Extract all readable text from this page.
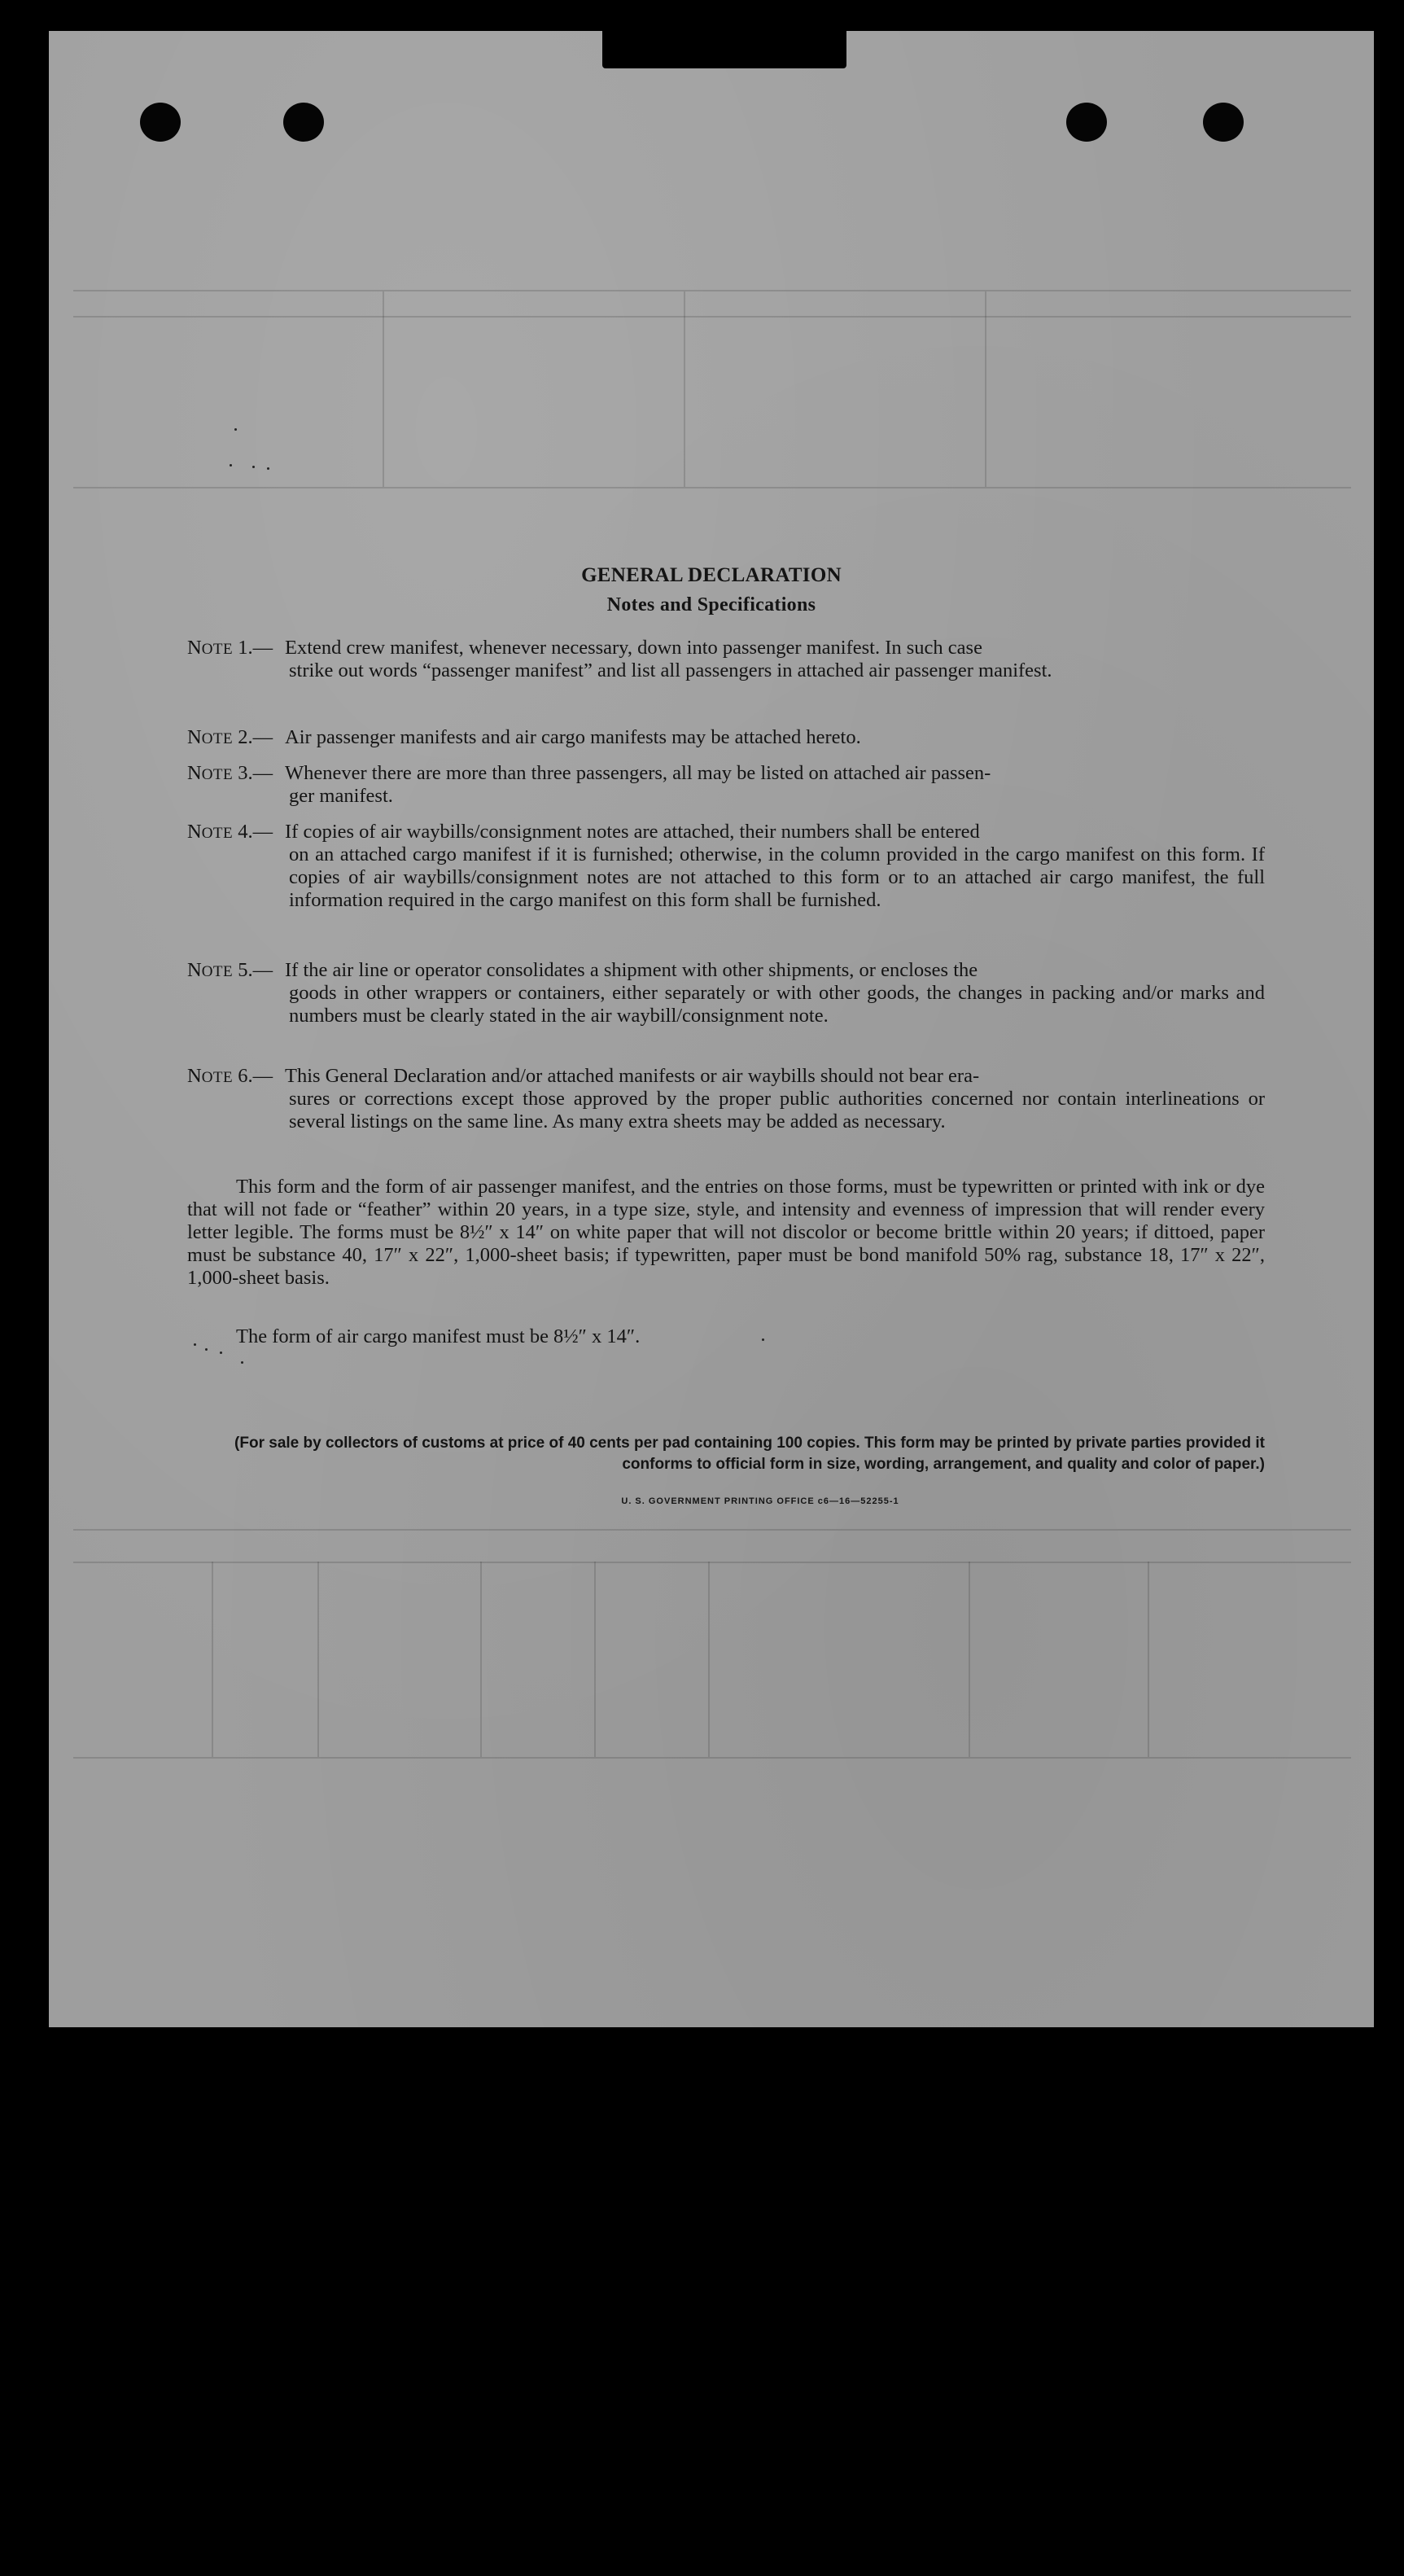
GENERAL DECLARATION
Notes and Specifications
NOTE 1.— Extend crew manifest, whenever necessary, down into passenger manifest. In such case
strike out words “passenger manifest” and list all passengers in attached air passenger manifest.
NOTE 2.— Air passenger manifests and air cargo manifests may be attached hereto.
NOTE 3.— Whenever there are more than three passengers, all may be listed on attached air passen-
ger manifest.
NOTE 4.— If copies of air waybills/consignment notes are attached, their numbers shall be entered
on an attached cargo manifest if it is furnished; otherwise, in the column provided in the cargo manifest on this form. If copies of air waybills/consignment notes are not attached to this form or to an attached air cargo manifest, the full information required in the cargo manifest on this form shall be furnished.
NOTE 5.— If the air line or operator consolidates a shipment with other shipments, or encloses the
goods in other wrappers or containers, either separately or with other goods, the changes in packing and/or marks and numbers must be clearly stated in the air waybill/consignment note.
NOTE 6.— This General Declaration and/or attached manifests or air waybills should not bear era-
sures or corrections except those approved by the proper public authorities concerned nor contain interlineations or several listings on the same line. As many extra sheets may be added as necessary.
This form and the form of air passenger manifest, and the entries on those forms, must be typewritten or printed with ink or dye that will not fade or “feather” within 20 years, in a type size, style, and intensity and evenness of impression that will render every letter legible. The forms must be 8½″ x 14″ on white paper that will not discolor or become brittle within 20 years; if dittoed, paper must be substance 40, 17″ x 22″, 1,000-sheet basis; if typewritten, paper must be bond manifold 50% rag, substance 18, 17″ x 22″, 1,000-sheet basis.
The form of air cargo manifest must be 8½″ x 14″.
(For sale by collectors of customs at price of 40 cents per pad containing 100 copies. This form may be printed by private parties provided it conforms to official form in size, wording, arrangement, and quality and color of paper.)
U. S. GOVERNMENT PRINTING OFFICE c6—16—52255-1
